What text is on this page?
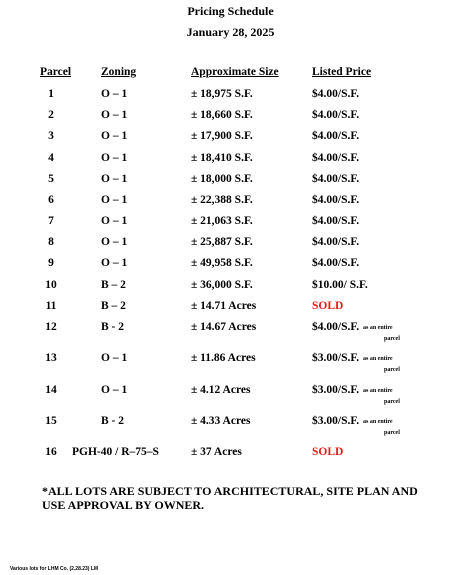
Pricing Schedule
January 28, 2025
Parcel	Zoning	Approximate Size	Listed Price
1	O – 1	± 18,975 S.F.	$4.00/S.F.
2	O – 1	± 18,660 S.F.	$4.00/S.F.
3	O – 1	± 17,900 S.F.	$4.00/S.F.
4	O – 1	± 18,410 S.F.	$4.00/S.F.
5	O – 1	± 18,000 S.F.	$4.00/S.F.
6	O – 1	± 22,388 S.F.	$4.00/S.F.
7	O – 1	± 21,063 S.F.	$4.00/S.F.
8	O – 1	± 25,887 S.F.	$4.00/S.F.
9	O – 1	± 49,958 S.F.	$4.00/S.F.
10	B – 2	± 36,000 S.F.	$10.00/ S.F.
11	B – 2	± 14.71 Acres	SOLD
12	B - 2	± 14.67 Acres	$4.00/S.F. as an entire
parcel
13	O – 1	± 11.86 Acres	$3.00/S.F. as an entire
parcel
14	O – 1	± 4.12 Acres	$3.00/S.F. as an entire
parcel
15	B - 2	± 4.33 Acres	$3.00/S.F. as an entire
parcel
16	PGH-40 / R–75–S	± 37 Acres	SOLD
*ALL LOTS ARE SUBJECT TO ARCHITECTURAL, SITE PLAN AND USE APPROVAL BY OWNER.
Various lots for LHM Co. (2.28.23) LM
